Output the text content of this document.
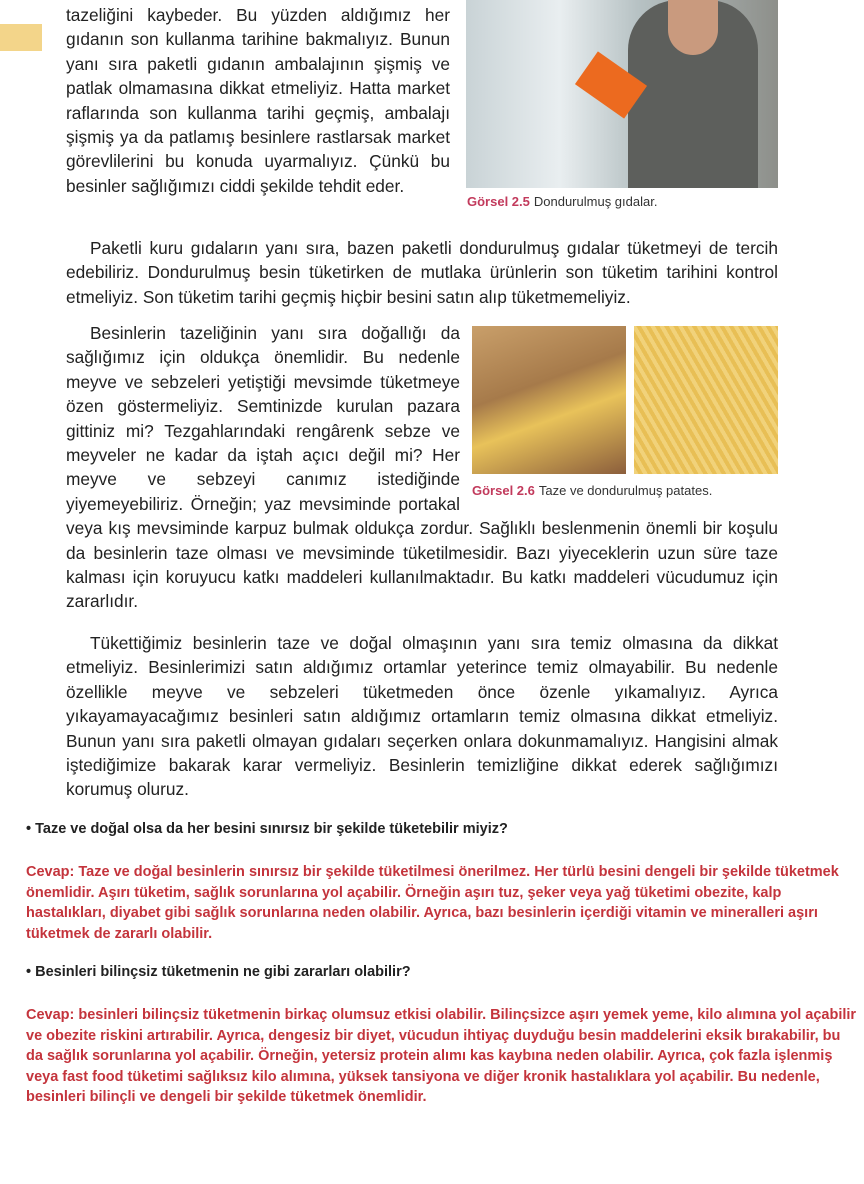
tazeliğini kaybeder. Bu yüzden aldığımız her gıdanın son kullanma tarihine bakmalıyız. Bunun yanı sıra paketli gıdanın ambalajının şişmiş ve patlak olmamasına dikkat etmeliyiz. Hatta market raflarında son kullanma tarihi geçmiş, ambalajı şişmiş ya da patlamış besinlere rastlarsak market görevlilerini bu konuda uyarmalıyız. Çünkü bu besinler sağlığımızı ciddi şekilde tehdit eder.

Görsel 2.5 Dondurulmuş gıdalar.

Paketli kuru gıdaların yanı sıra, bazen paketli dondurulmuş gıdalar tüketmeyi de tercih edebiliriz. Dondurulmuş besin tüketirken de mutlaka ürünlerin son tüketim tarihini kontrol etmeliyiz. Son tüketim tarihi geçmiş hiçbir besini satın alıp tüketmemeliyiz.

Görsel 2.6 Taze ve dondurulmuş patates.

Besinlerin tazeliğinin yanı sıra doğallığı da sağlığımız için oldukça önemlidir. Bu nedenle meyve ve sebzeleri yetiştiği mevsimde tüketmeye özen göstermeliyiz. Semtinizde kurulan pazara gittiniz mi? Tezgahlarındaki rengârenk sebze ve meyveler ne kadar da iştah açıcı değil mi? Her meyve ve sebzeyi canımız istediğinde yiyemeyebiliriz. Örneğin; yaz mevsiminde portakal veya kış mevsiminde karpuz bulmak oldukça zordur. Sağlıklı beslenmenin önemli bir koşulu da besinlerin taze olması ve mevsiminde tüketilmesidir. Bazı yiyeceklerin uzun süre taze kalması için koruyucu katkı maddeleri kullanılmaktadır. Bu katkı maddeleri vücudumuz için zararlıdır.

Tükettiğimiz besinlerin taze ve doğal olmaşının yanı sıra temiz olmasına da dikkat etmeliyiz. Besinlerimizi satın aldığımız ortamlar yeterince temiz olmayabilir. Bu nedenle özellikle meyve ve sebzeleri tüketmeden önce özenle yıkamalıyız. Ayrıca yıkayamayacağımız besinleri satın aldığımız ortamların temiz olmasına dikkat etmeliyiz. Bunun yanı sıra paketli olmayan gıdaları seçerken onlara dokunmamalıyız. Hangisini almak iştediğimize bakarak karar vermeliyiz. Besinlerin temizliğine dikkat ederek sağlığımızı korumuş oluruz.

• Taze ve doğal olsa da her besini sınırsız bir şekilde tüketebilir miyiz?
Cevap: Taze ve doğal besinlerin sınırsız bir şekilde tüketilmesi önerilmez. Her türlü besini dengeli bir şekilde tüketmek önemlidir. Aşırı tüketim, sağlık sorunlarına yol açabilir. Örneğin aşırı tuz, şeker veya yağ tüketimi obezite, kalp hastalıkları, diyabet gibi sağlık sorunlarına neden olabilir. Ayrıca, bazı besinlerin içerdiği vitamin ve mineralleri aşırı tüketmek de zararlı olabilir.
• Besinleri bilinçsiz tüketmenin ne gibi zararları olabilir?
Cevap: besinleri bilinçsiz tüketmenin birkaç olumsuz etkisi olabilir. Bilinçsizce aşırı yemek yeme, kilo alımına yol açabilir ve obezite riskini artırabilir. Ayrıca, dengesiz bir diyet, vücudun ihtiyaç duyduğu besin maddelerini eksik bırakabilir, bu da sağlık sorunlarına yol açabilir. Örneğin, yetersiz protein alımı kas kaybına neden olabilir. Ayrıca, çok fazla işlenmiş veya fast food tüketimi sağlıksız kilo alımına, yüksek tansiyona ve diğer kronik hastalıklara yol açabilir. Bu nedenle, besinleri bilinçli ve dengeli bir şekilde tüketmek önemlidir.
